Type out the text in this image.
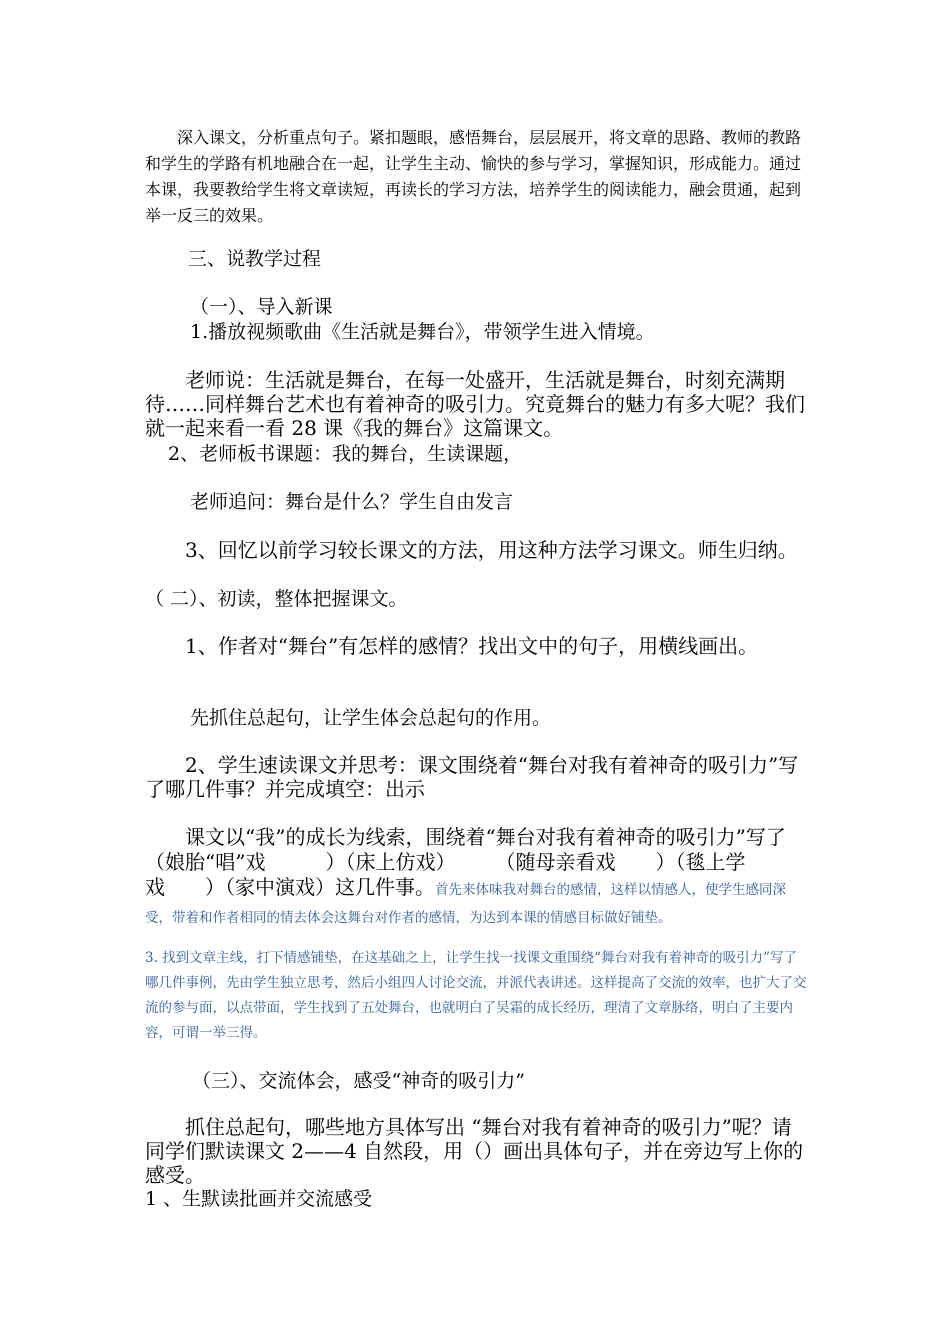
深入课文，分析重点句子。紧扣题眼，感悟舞台，层层展开，将文章的思路、教师的教路和学生的学路有机地融合在一起，让学生主动、愉快的参与学习，掌握知识，形成能力。通过本课，我要教给学生将文章读短，再读长的学习方法，培养学生的阅读能力，融会贯通，起到举一反三的效果。

三、说教学过程

（一）、导入新课

1.播放视频歌曲《生活就是舞台》，带领学生进入情境。

老师说：生活就是舞台，在每一处盛开，生活就是舞台，时刻充满期待……同样舞台艺术也有着神奇的吸引力。究竟舞台的魅力有多大呢？我们就一起来看一看 28 课《我的舞台》这篇课文。

2、老师板书课题：我的舞台，生读课题，

老师追问：舞台是什么？学生自由发言

3、回忆以前学习较长课文的方法，用这种方法学习课文。师生归纳。

（ 二）、初读，整体把握课文。

1、作者对“舞台”有怎样的感情？找出文中的句子，用横线画出。

先抓住总起句，让学生体会总起句的作用。

2、学生速读课文并思考：课文围绕着“舞台对我有着神奇的吸引力”写了哪几件事？并完成填空：出示

课文以“我”的成长为线索，围绕着“舞台对我有着神奇的吸引力”写了（娘胎“唱”戏　　　）（床上仿戏）　　　（随母亲看戏　　）（毯上学戏　　）（家中演戏）这几件事。首先来体味我对舞台的感情，这样以情感人，使学生感同深受，带着和作者相同的情去体会这舞台对作者的感情，为达到本课的情感目标做好铺垫。

3. 找到文章主线，打下情感铺垫，在这基础之上，让学生找一找课文重围绕“舞台对我有着神奇的吸引力”写了哪几件事例，先由学生独立思考，然后小组四人讨论交流，并派代表讲述。这样提高了交流的效率，也扩大了交流的参与面，以点带面，学生找到了五处舞台，也就明白了吴霜的成长经历，理清了文章脉络，明白了主要内容，可谓一举三得。

（三）、交流体会，感受“神奇的吸引力”

抓住总起句，哪些地方具体写出 “舞台对我有着神奇的吸引力”呢？请同学们默读课文 2——4 自然段，用（）画出具体句子，并在旁边写上你的感受。

1 、生默读批画并交流感受
